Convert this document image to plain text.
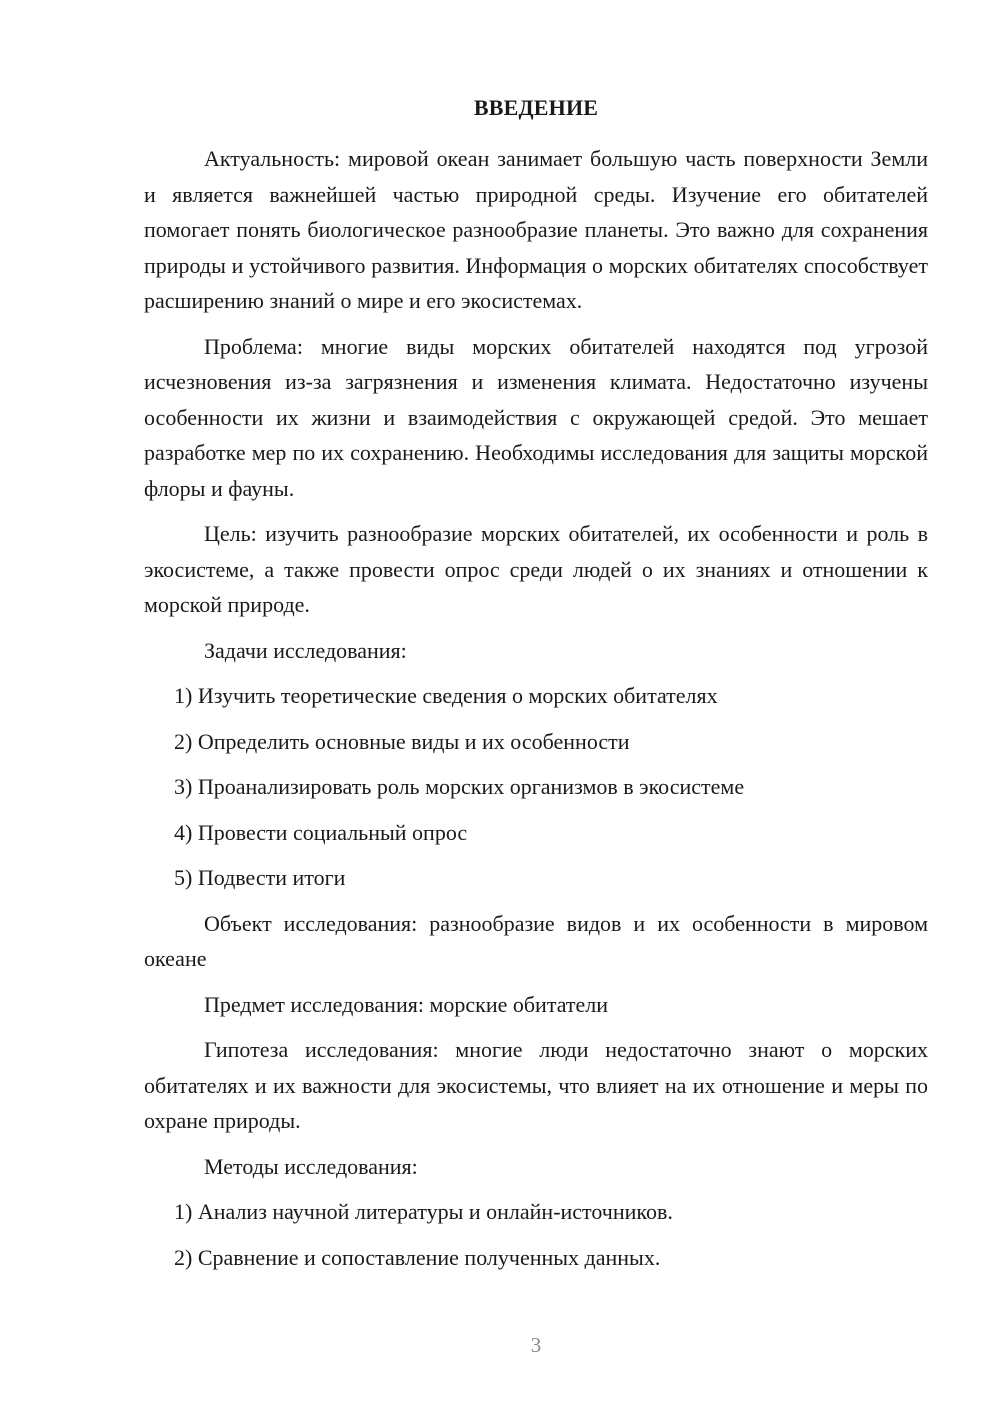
ВВЕДЕНИЕ

Актуальность: мировой океан занимает большую часть поверхности Земли и является важнейшей частью природной среды. Изучение его обитателей помогает понять биологическое разнообразие планеты. Это важно для сохранения природы и устойчивого развития. Информация о морских обитателях способствует расширению знаний о мире и его экосистемах.

Проблема: многие виды морских обитателей находятся под угрозой исчезновения из-за загрязнения и изменения климата. Недостаточно изучены особенности их жизни и взаимодействия с окружающей средой. Это мешает разработке мер по их сохранению. Необходимы исследования для защиты морской флоры и фауны.

Цель: изучить разнообразие морских обитателей, их особенности и роль в экосистеме, а также провести опрос среди людей о их знаниях и отношении к морской природе.

Задачи исследования:

1) Изучить теоретические сведения о морских обитателях

2) Определить основные виды и их особенности

3) Проанализировать роль морских организмов в экосистеме

4) Провести социальный опрос

5) Подвести итоги

Объект исследования: разнообразие видов и их особенности в мировом океане

Предмет исследования: морские обитатели

Гипотеза исследования: многие люди недостаточно знают о морских обитателях и их важности для экосистемы, что влияет на их отношение и меры по охране природы.

Методы исследования:

1) Анализ научной литературы и онлайн-источников.

2) Сравнение и сопоставление полученных данных.

3
